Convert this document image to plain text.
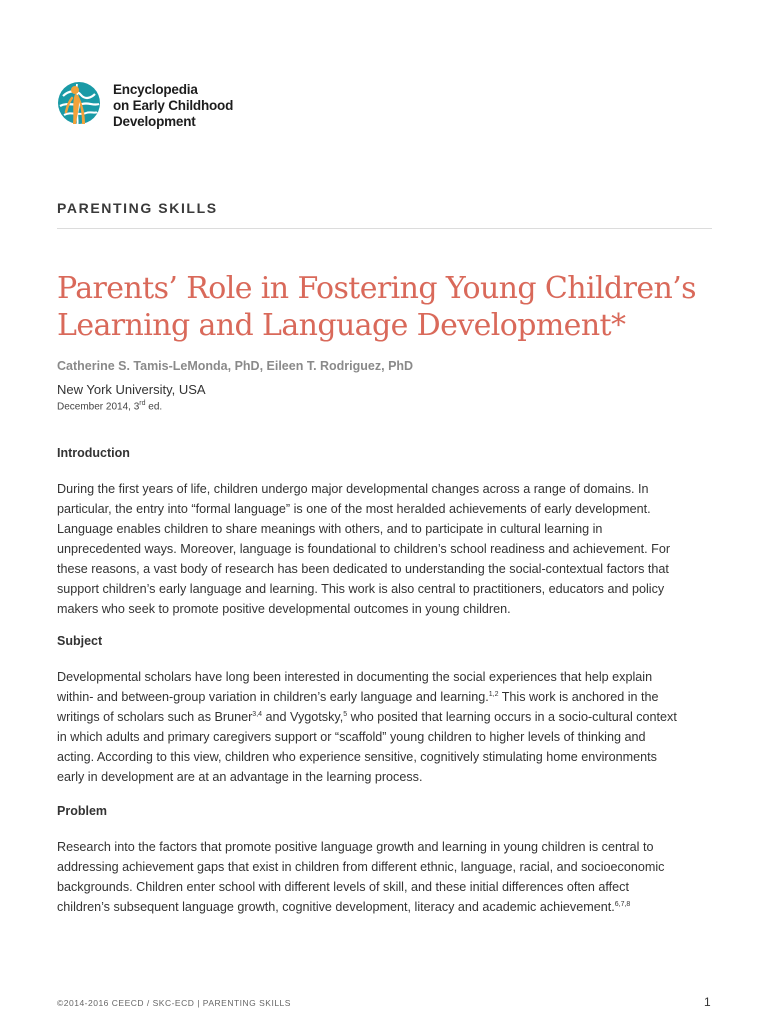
Encyclopedia
on Early Childhood
Development
PARENTING SKILLS
Parents’ Role in Fostering Young Children’s
Learning and Language Development*
Catherine S. Tamis-LeMonda, PhD, Eileen T. Rodriguez, PhD
New York University, USA
December 2014, 3rd ed.
Introduction
During the first years of life, children undergo major developmental changes across a range of domains. In
particular, the entry into “formal language” is one of the most heralded achievements of early development.
Language enables children to share meanings with others, and to participate in cultural learning in
unprecedented ways. Moreover, language is foundational to children’s school readiness and achievement. For
these reasons, a vast body of research has been dedicated to understanding the social-contextual factors that
support children’s early language and learning. This work is also central to practitioners, educators and policy
makers who seek to promote positive developmental outcomes in young children.
Subject
Developmental scholars have long been interested in documenting the social experiences that help explain
within- and between-group variation in children’s early language and learning.$^{1,2}$ This work is anchored in the
writings of scholars such as Bruner$^{3,4}$ and Vygotsky,$^5$ who posited that learning occurs in a socio-cultural context
in which adults and primary caregivers support or “scaffold” young children to higher levels of thinking and
acting. According to this view, children who experience sensitive, cognitively stimulating home environments
early in development are at an advantage in the learning process.
Problem
Research into the factors that promote positive language growth and learning in young children is central to
addressing achievement gaps that exist in children from different ethnic, language, racial, and socioeconomic
backgrounds. Children enter school with different levels of skill, and these initial differences often affect
children’s subsequent language growth, cognitive development, literacy and academic achievement.$^{6,7,8}$
©2014-2016 CEECD / SKC-ECD | PARENTING SKILLS	1
